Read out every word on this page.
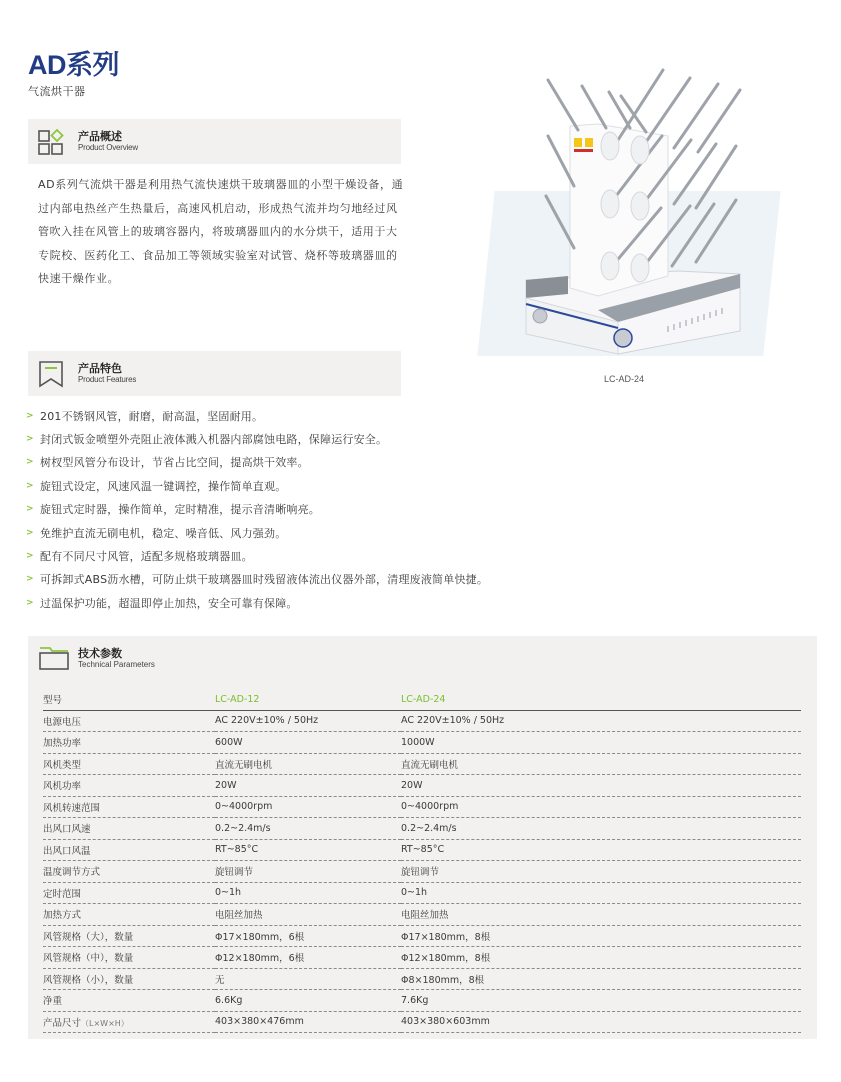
AD系列
气流烘干器
产品概述
Product Overview
AD系列气流烘干器是利用热气流快速烘干玻璃器皿的小型干燥设备，通过内部电热丝产生热量后，高速风机启动，形成热气流并均匀地经过风管吹入挂在风管上的玻璃容器内，将玻璃器皿内的水分烘干，适用于大专院校、医药化工、食品加工等领域实验室对试管、烧杯等玻璃器皿的快速干燥作业。
LC-AD-24
产品特色
Product Features
> 201不锈钢风管，耐磨，耐高温，坚固耐用。
> 封闭式钣金喷塑外壳阻止液体溅入机器内部腐蚀电路，保障运行安全。
> 树杈型风管分布设计，节省占比空间，提高烘干效率。
> 旋钮式设定，风速风温一键调控，操作简单直观。
> 旋钮式定时器，操作简单，定时精准，提示音清晰响亮。
> 免维护直流无刷电机，稳定、噪音低、风力强劲。
> 配有不同尺寸风管，适配多规格玻璃器皿。
> 可拆卸式ABS沥水槽，可防止烘干玻璃器皿时残留液体流出仪器外部，清理废液简单快捷。
> 过温保护功能，超温即停止加热，安全可靠有保障。
技术参数
Technical Parameters
型号	LC-AD-12	LC-AD-24
电源电压	AC 220V±10% / 50Hz	AC 220V±10% / 50Hz
加热功率	600W	1000W
风机类型	直流无刷电机	直流无刷电机
风机功率	20W	20W
风机转速范围	0~4000rpm	0~4000rpm
出风口风速	0.2~2.4m/s	0.2~2.4m/s
出风口风温	RT~85°C	RT~85°C
温度调节方式	旋钮调节	旋钮调节
定时范围	0~1h	0~1h
加热方式	电阻丝加热	电阻丝加热
风管规格（大），数量	Φ17×180mm，6根	Φ17×180mm，8根
风管规格（中），数量	Φ12×180mm，6根	Φ12×180mm，8根
风管规格（小），数量	无	Φ8×180mm，8根
净重	6.6Kg	7.6Kg
产品尺寸（L×W×H）	403×380×476mm	403×380×603mm
